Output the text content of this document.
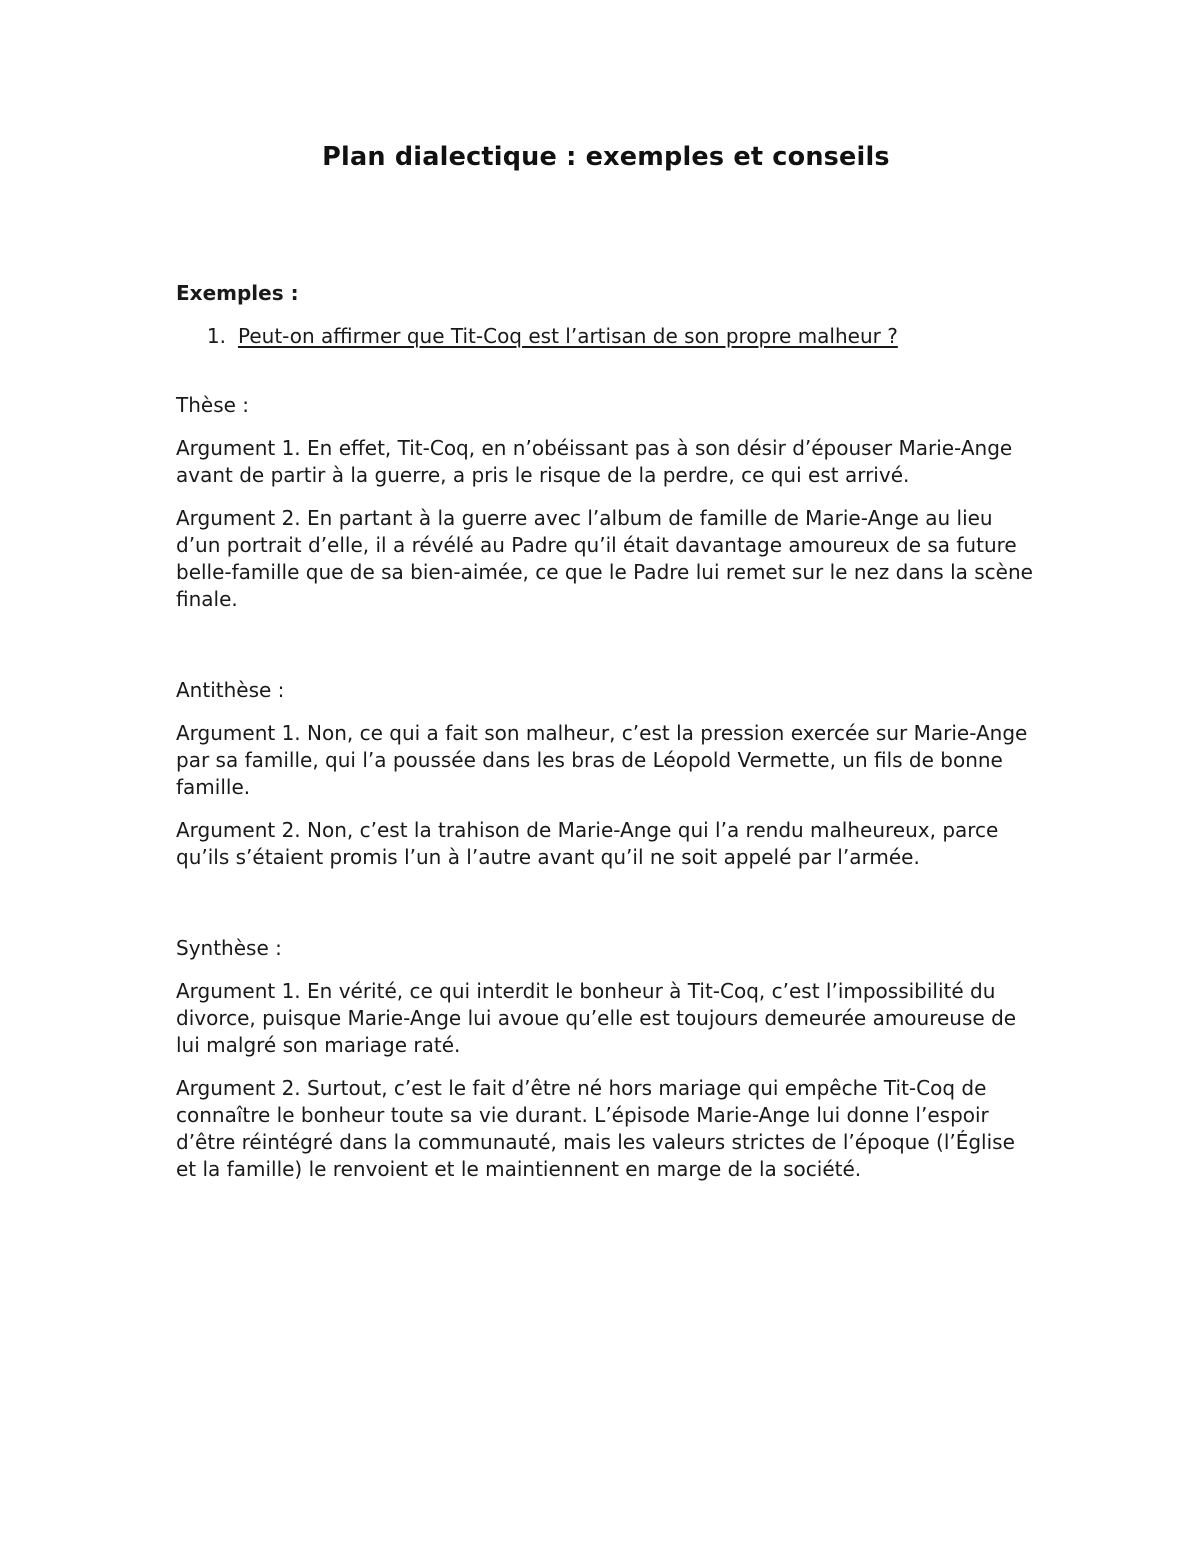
Plan dialectique : exemples et conseils

Exemples :

1. Peut-on affirmer que Tit-Coq est l’artisan de son propre malheur ?

Thèse :

Argument 1. En effet, Tit-Coq, en n’obéissant pas à son désir d’épouser Marie-Ange avant de partir à la guerre, a pris le risque de la perdre, ce qui est arrivé.

Argument 2. En partant à la guerre avec l’album de famille de Marie-Ange au lieu d’un portrait d’elle, il a révélé au Padre qu’il était davantage amoureux de sa future belle-famille que de sa bien-aimée, ce que le Padre lui remet sur le nez dans la scène finale.

Antithèse :

Argument 1. Non, ce qui a fait son malheur, c’est la pression exercée sur Marie-Ange par sa famille, qui l’a poussée dans les bras de Léopold Vermette, un fils de bonne famille.

Argument 2. Non, c’est la trahison de Marie-Ange qui l’a rendu malheureux, parce qu’ils s’étaient promis l’un à l’autre avant qu’il ne soit appelé par l’armée.

Synthèse :

Argument 1. En vérité, ce qui interdit le bonheur à Tit-Coq, c’est l’impossibilité du divorce, puisque Marie-Ange lui avoue qu’elle est toujours demeurée amoureuse de lui malgré son mariage raté.

Argument 2. Surtout, c’est le fait d’être né hors mariage qui empêche Tit-Coq de connaître le bonheur toute sa vie durant. L’épisode Marie-Ange lui donne l’espoir d’être réintégré dans la communauté, mais les valeurs strictes de l’époque (l’Église et la famille) le renvoient et le maintiennent en marge de la société.
